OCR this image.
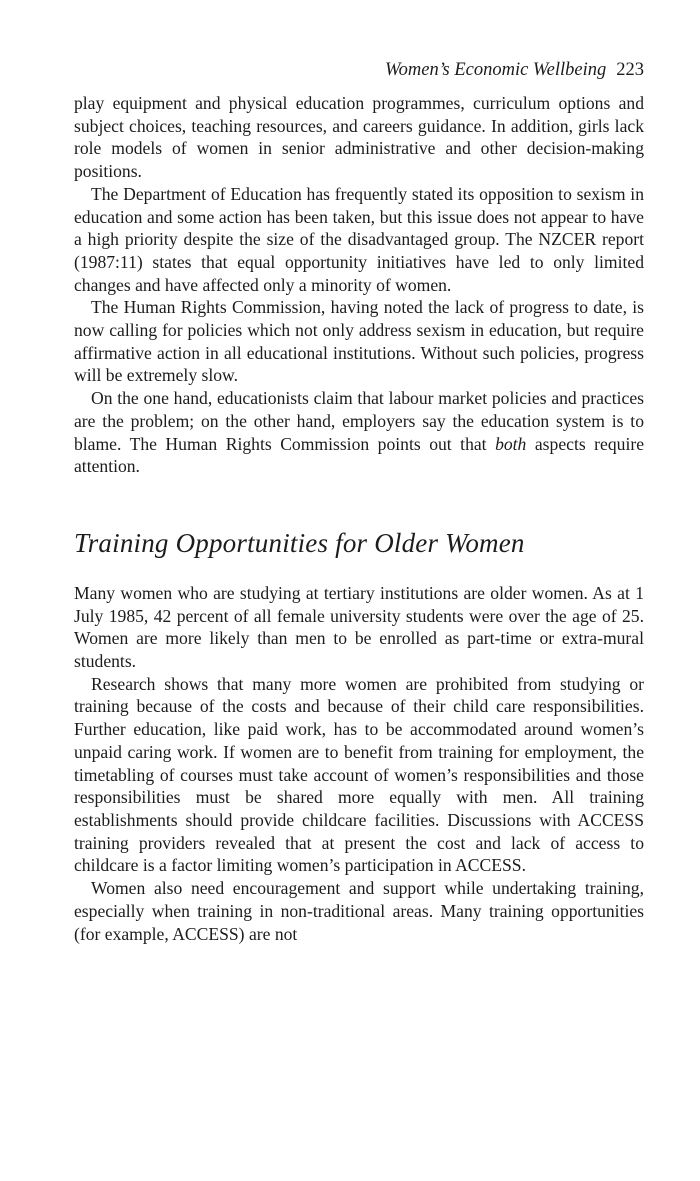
Women’s Economic Wellbeing 223

play equipment and physical education programmes, curriculum options and subject choices, teaching resources, and careers guidance. In addition, girls lack role models of women in senior administrative and other decision-making positions.

The Department of Education has frequently stated its opposition to sexism in education and some action has been taken, but this issue does not appear to have a high priority despite the size of the disadvantaged group. The NZCER report (1987:11) states that equal opportunity initiatives have led to only limited changes and have affected only a minority of women.

The Human Rights Commission, having noted the lack of progress to date, is now calling for policies which not only address sexism in education, but require affirmative action in all educational institutions. Without such policies, progress will be extremely slow.

On the one hand, educationists claim that labour market policies and practices are the problem; on the other hand, employers say the education system is to blame. The Human Rights Commission points out that both aspects require attention.

Training Opportunities for Older Women

Many women who are studying at tertiary institutions are older women. As at 1 July 1985, 42 percent of all female university students were over the age of 25. Women are more likely than men to be enrolled as part-time or extra-mural students.

Research shows that many more women are prohibited from studying or training because of the costs and because of their child care responsibilities. Further education, like paid work, has to be accommodated around women’s unpaid caring work. If women are to benefit from training for employment, the timetabling of courses must take account of women’s responsibilities and those responsibilities must be shared more equally with men. All training establishments should provide childcare facilities. Discussions with ACCESS training providers revealed that at present the cost and lack of access to childcare is a factor limiting women’s participation in ACCESS.

Women also need encouragement and support while undertaking training, especially when training in non-traditional areas. Many training opportunities (for example, ACCESS) are not
